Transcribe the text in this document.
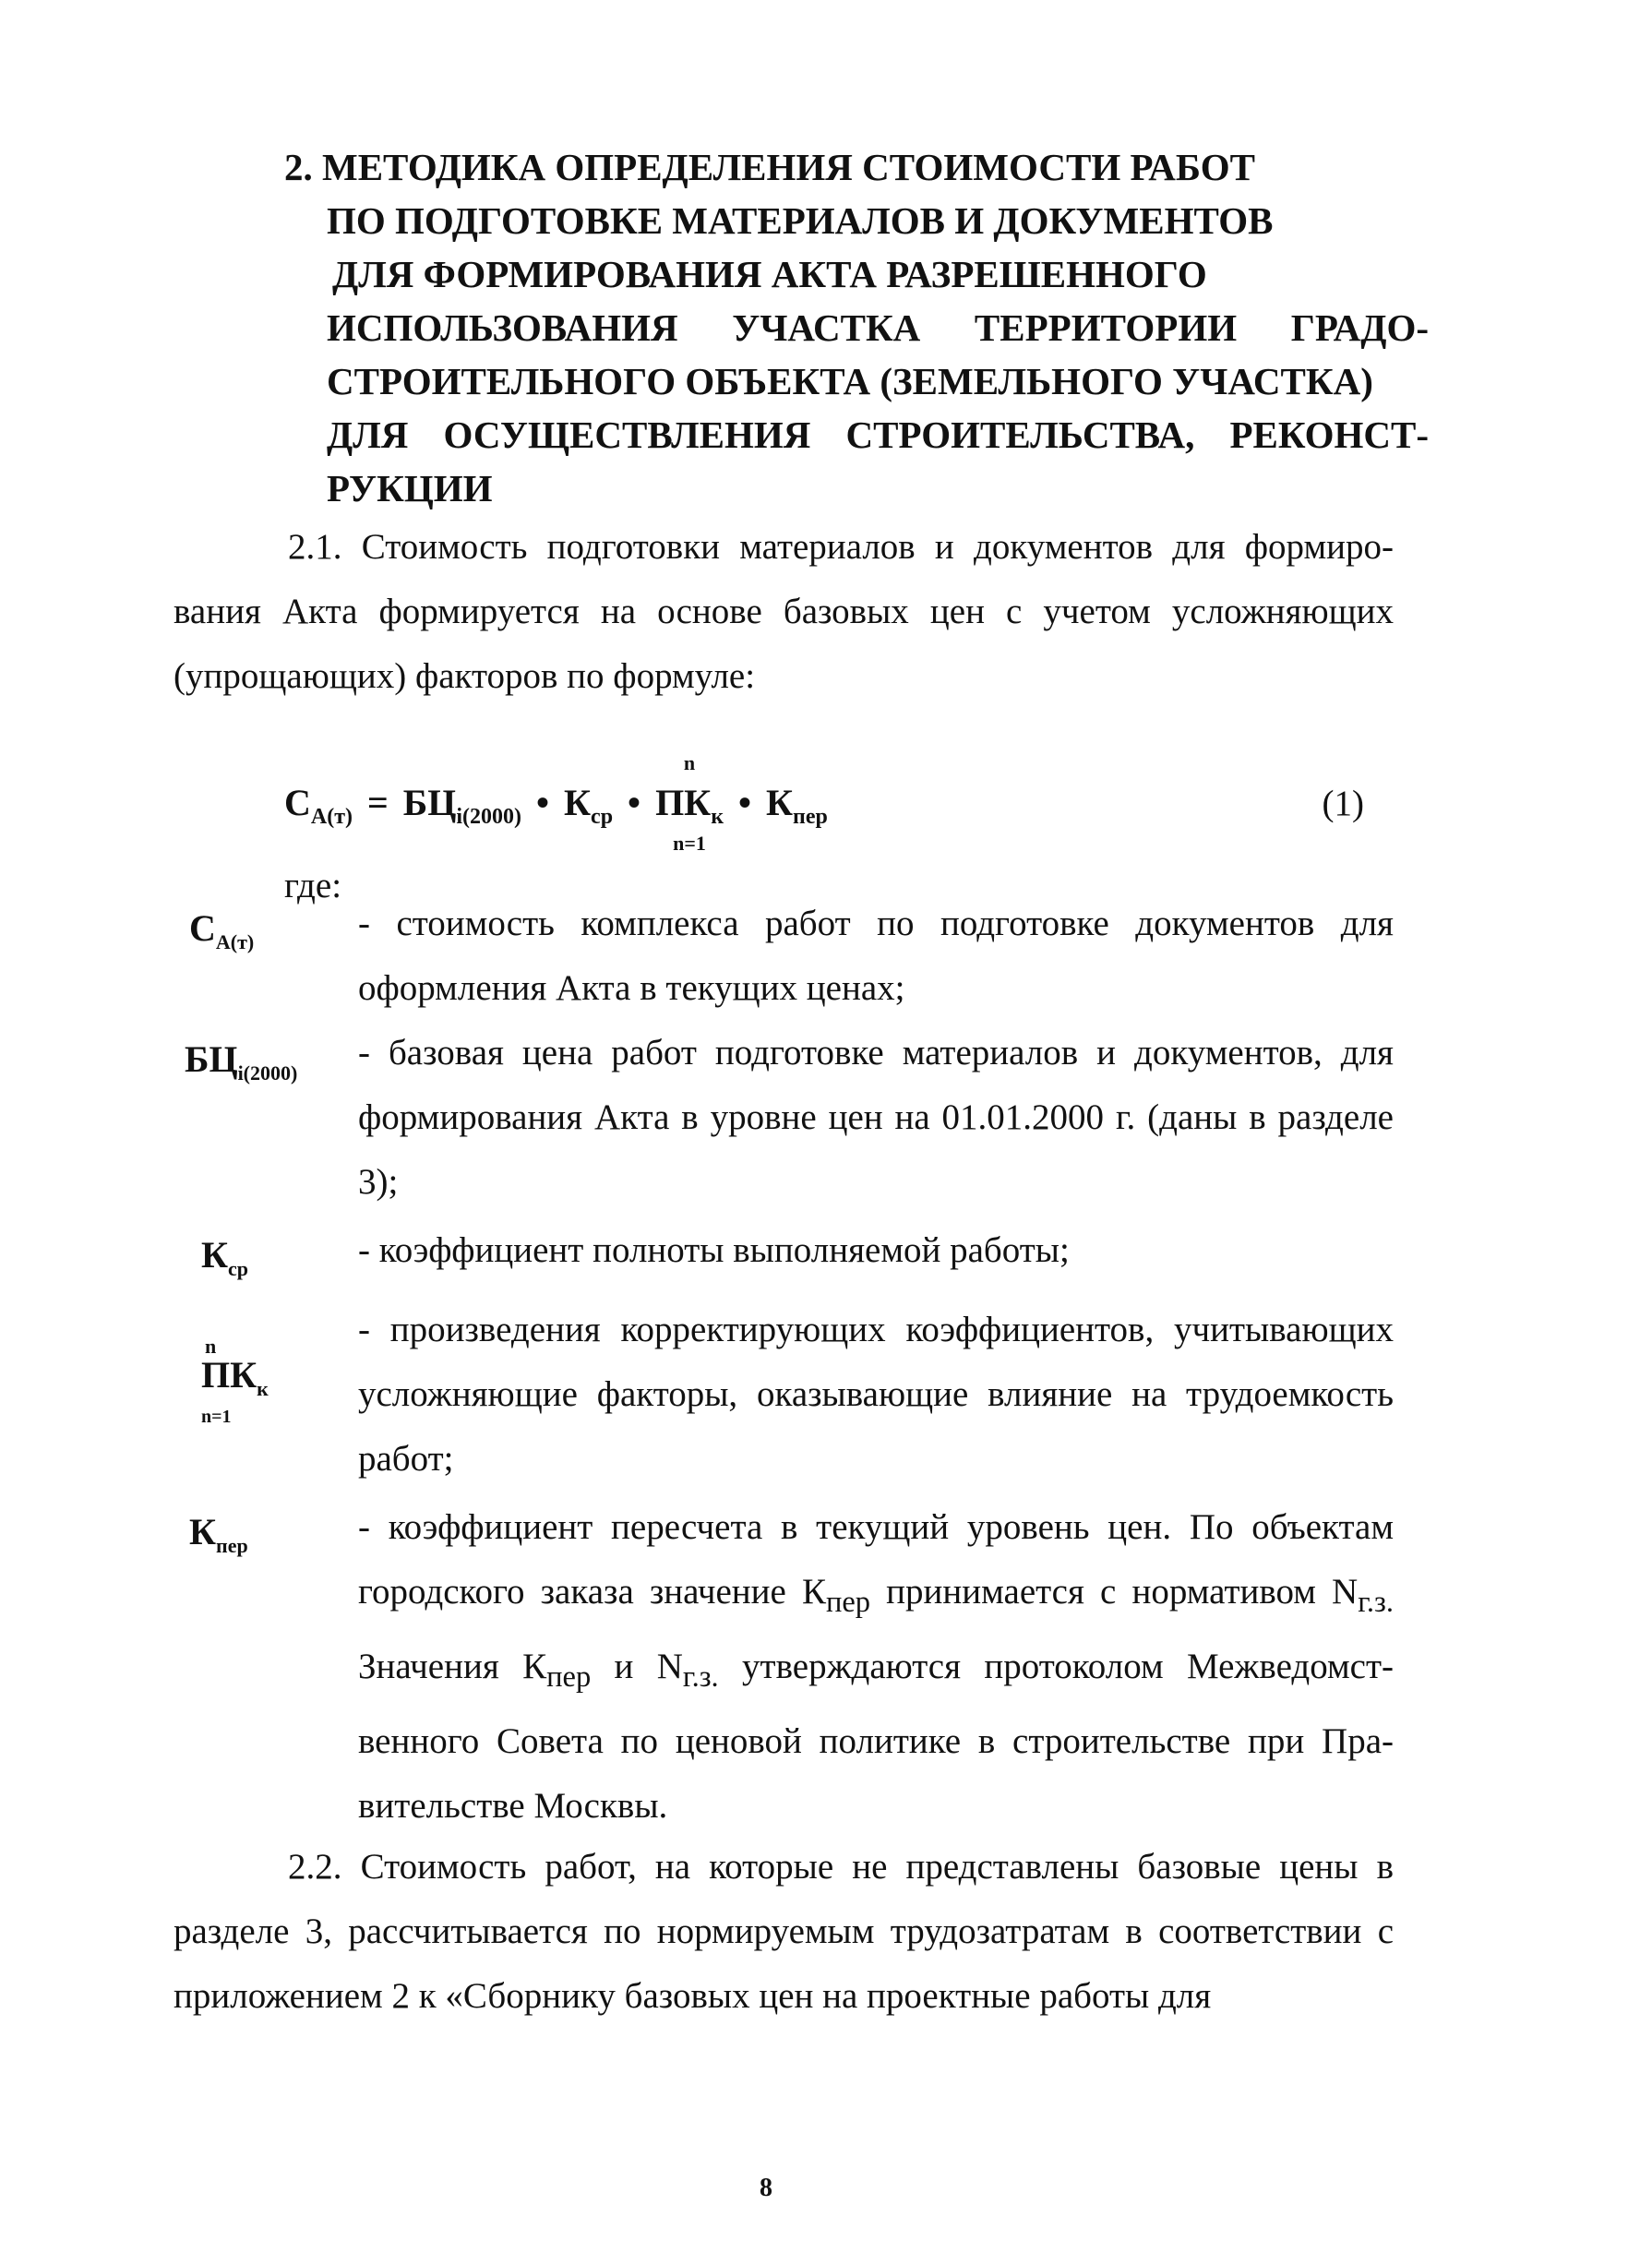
2. МЕТОДИКА ОПРЕДЕЛЕНИЯ СТОИМОСТИ РАБОТ
ПО ПОДГОТОВКЕ МАТЕРИАЛОВ И ДОКУМЕНТОВ
ДЛЯ ФОРМИРОВАНИЯ АКТА РАЗРЕШЕННОГО
ИСПОЛЬЗОВАНИЯ УЧАСТКА ТЕРРИТОРИИ ГРАДО-
СТРОИТЕЛЬНОГО ОБЪЕКТА (ЗЕМЕЛЬНОГО УЧАСТКА)
ДЛЯ ОСУЩЕСТВЛЕНИЯ СТРОИТЕЛЬСТВА, РЕКОНСТ-
РУКЦИИ

2.1. Стоимость подготовки материалов и документов для формирования Акта формируется на основе базовых цен с учетом усложняющих (упрощающих) факторов по формуле:

$С_{А(т)} = БЦ_{i(2000)}$ • $К_{ср}$ •
n
$ПК_к$
n=1
• $К_{пер}$	(1)
где:
$С_{А(т)}$	- стоимость комплекса работ по подготовке документов для оформления Акта в текущих ценах;

$БЦ_{i(2000)}$

- базовая цена работ подготовке материалов и документов, для формирования Акта в уровне цен на 01.01.2000 г. (даны в разделе 3);

$К_{ср}$	- коэффициент полноты выполняемой работы;

n
$ПК_к$
n=1

- произведения корректирующих коэффициентов, учитывающих усложняющие факторы, оказывающие влияние на трудоемкость работ;

$К_{пер}$	- коэффициент пересчета в текущий уровень цен. По объектам городского заказа значение $К_{пер}$ принимается с нормативом $N_{г.з.}$ Значения $К_{пер}$ и $N_{г.з.}$ утверждаются протоколом Межведомственного Совета по ценовой политике в строительстве при Правительстве Москвы.

2.2. Стоимость работ, на которые не представлены базовые цены в разделе 3, рассчитывается по нормируемым трудозатратам в соответствии с приложением 2 к «Сборнику базовых цен на проектные работы для

8
